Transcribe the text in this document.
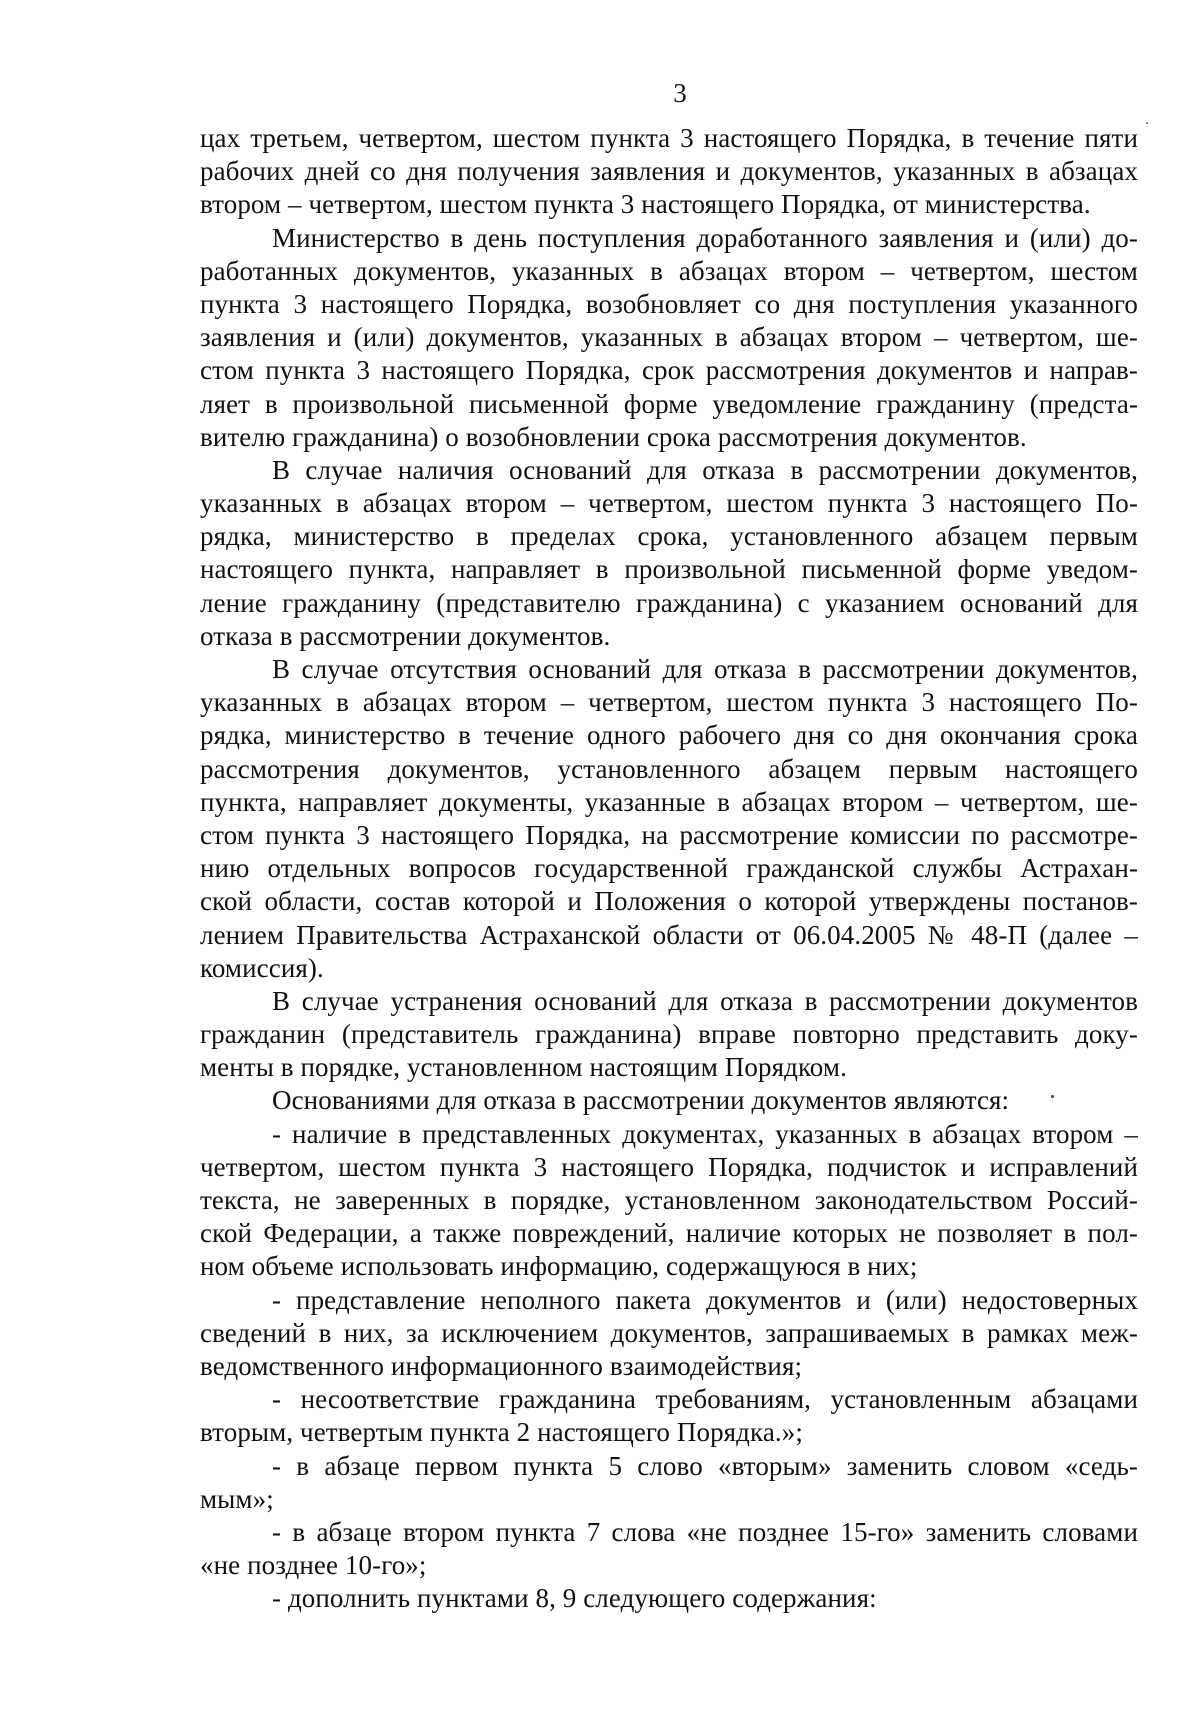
3
цах третьем, четвертом, шестом пункта 3 настоящего Порядка, в течение пяти
рабочих дней со дня получения заявления и документов, указанных в абзацах
втором – четвертом, шестом пункта 3 настоящего Порядка, от министерства.
Министерство в день поступления доработанного заявления и (или) до-
работанных документов, указанных в абзацах втором – четвертом, шестом
пункта 3 настоящего Порядка, возобновляет со дня поступления указанного
заявления и (или) документов, указанных в абзацах втором – четвертом, ше-
стом пункта 3 настоящего Порядка, срок рассмотрения документов и направ-
ляет в произвольной письменной форме уведомление гражданину (предста-
вителю гражданина) о возобновлении срока рассмотрения документов.
В случае наличия оснований для отказа в рассмотрении документов,
указанных в абзацах втором – четвертом, шестом пункта 3 настоящего По-
рядка, министерство в пределах срока, установленного абзацем первым
настоящего пункта, направляет в произвольной письменной форме уведом-
ление гражданину (представителю гражданина) с указанием оснований для
отказа в рассмотрении документов.
В случае отсутствия оснований для отказа в рассмотрении документов,
указанных в абзацах втором – четвертом, шестом пункта 3 настоящего По-
рядка, министерство в течение одного рабочего дня со дня окончания срока
рассмотрения документов, установленного абзацем первым настоящего
пункта, направляет документы, указанные в абзацах втором – четвертом, ше-
стом пункта 3 настоящего Порядка, на рассмотрение комиссии по рассмотре-
нию отдельных вопросов государственной гражданской службы Астрахан-
ской области, состав которой и Положения о которой утверждены постанов-
лением Правительства Астраханской области от 06.04.2005 № 48-П (далее –
комиссия).
В случае устранения оснований для отказа в рассмотрении документов
гражданин (представитель гражданина) вправе повторно представить доку-
менты в порядке, установленном настоящим Порядком.
Основаниями для отказа в рассмотрении документов являются:
- наличие в представленных документах, указанных в абзацах втором –
четвертом, шестом пункта 3 настоящего Порядка, подчисток и исправлений
текста, не заверенных в порядке, установленном законодательством Россий-
ской Федерации, а также повреждений, наличие которых не позволяет в пол-
ном объеме использовать информацию, содержащуюся в них;
- представление неполного пакета документов и (или) недостоверных
сведений в них, за исключением документов, запрашиваемых в рамках меж-
ведомственного информационного взаимодействия;
- несоответствие гражданина требованиям, установленным абзацами
вторым, четвертым пункта 2 настоящего Порядка.»;
- в абзаце первом пункта 5 слово «вторым» заменить словом «седь-
мым»;
- в абзаце втором пункта 7 слова «не позднее 15-го» заменить словами
«не позднее 10-го»;
- дополнить пунктами 8, 9 следующего содержания:
